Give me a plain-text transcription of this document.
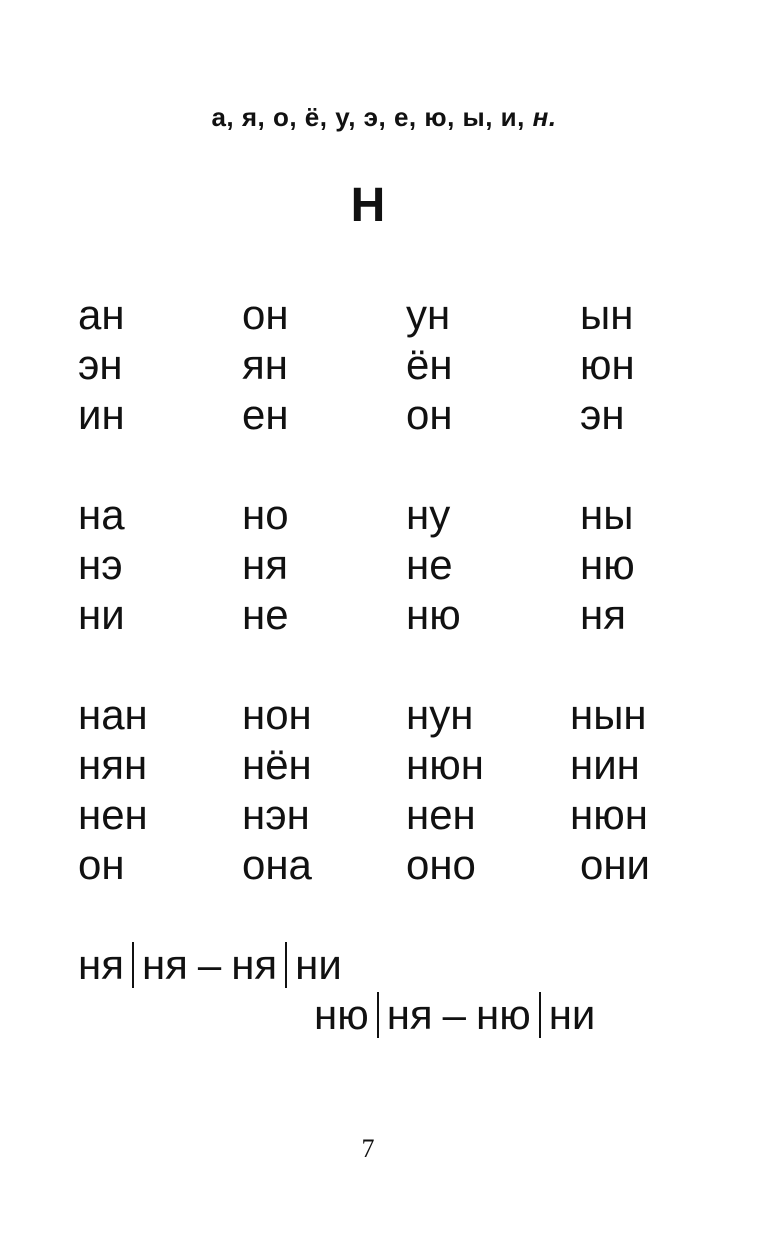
а, я, о, ё, у, э, е, ю, ы, и, н.
Н
ан	он	ун	ын
эн	ян	ён	юн
ин	ен	он	эн
на	но	ну	ны
нэ	ня	не	ню
ни	не	ню	ня
нан нон нун нын
нян нён нюн нин
нен нэн нен нюн
он	она оно они
ня ня – ня ни
ню ня – ню ни
7
